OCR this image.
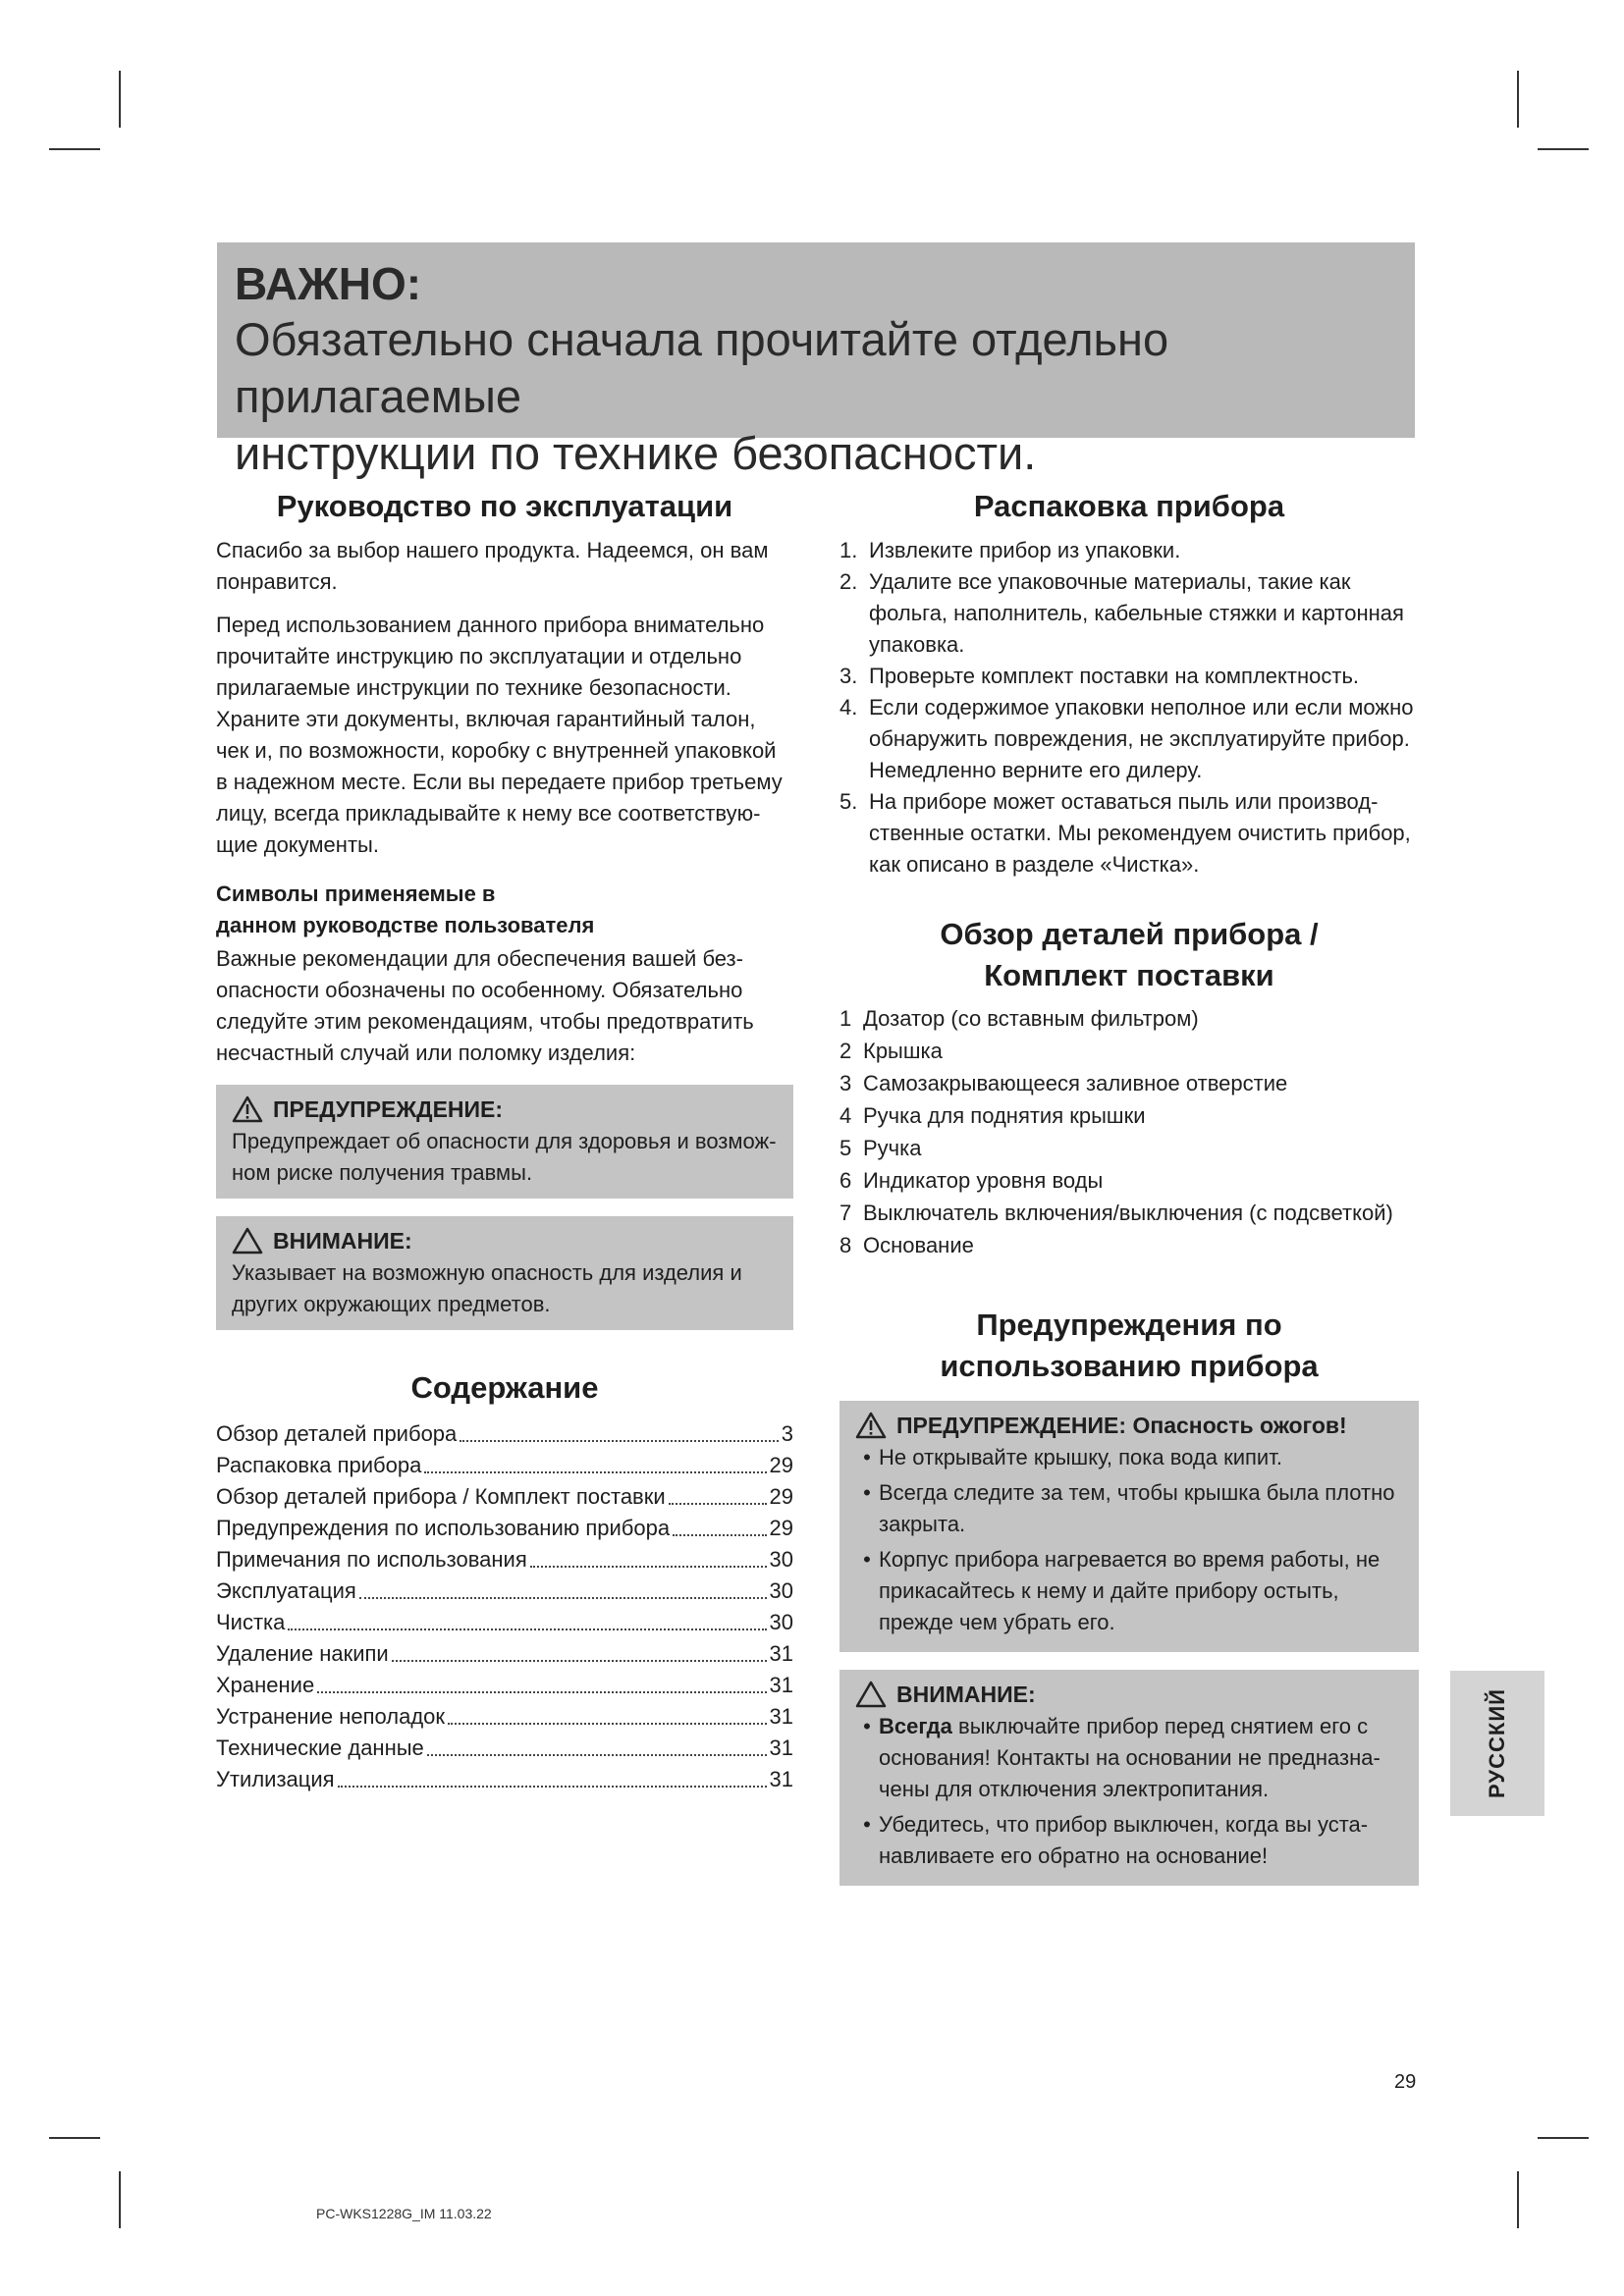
ВАЖНО:
Обязательно сначала прочитайте отдельно прилагаемые
инструкции по технике безопасности.
Руководство по эксплуатации

Спасибо за выбор нашего продукта. Надеемся, он вам понравится.

Перед использованием данного прибора внимательно прочитайте инструкцию по эксплуатации и отдельно прилагаемые инструкции по технике безопасности. Храните эти документы, включая гарантийный талон, чек и, по возможности, коробку с внутренней упаковкой в надежном месте. Если вы передаете прибор третьему лицу, всегда прикладывайте к нему все соответствую-щие документы.

Символы применяемые в
данном руководстве пользователя

Важные рекомендации для обеспечения вашей без-опасности обозначены по особенному. Обязательно следуйте этим рекомендациям, чтобы предотвратить несчастный случай или поломку изделия:

ПРЕДУПРЕЖДЕНИЕ:
Предупреждает об опасности для здоровья и возмож-ном риске получения травмы.
ВНИМАНИЕ:
Указывает на возможную опасность для изделия и других окружающих предметов.
Содержание
Обзор деталей прибора	3
Распаковка прибора	29
Обзор деталей прибора / Комплект поставки	29
Предупреждения по использованию прибора	29
Примечания по использования	30
Эксплуатация	30
Чистка	30
Удаление накипи	31
Хранение	31
Устранение неполадок	31
Технические данные	31
Утилизация	31
Распаковка прибора
1. Извлеките прибор из упаковки.
2. Удалите все упаковочные материалы, такие как фольга, наполнитель, кабельные стяжки и картонная упаковка.
3. Проверьте комплект поставки на комплектность.
4. Если содержимое упаковки неполное или если можно обнаружить повреждения, не эксплуатируйте прибор. Немедленно верните его дилеру.
5. На приборе может оставаться пыль или производ-ственные остатки. Мы рекомендуем очистить прибор, как описано в разделе «Чистка».
Обзор деталей прибора /
Комплект поставки
1 Дозатор (со вставным фильтром)
2 Крышка
3 Самозакрывающееся заливное отверстие
4 Ручка для поднятия крышки
5 Ручка
6 Индикатор уровня воды
7 Выключатель включения/выключения (с подсветкой)
8 Основание
Предупреждения по
использованию прибора
ПРЕДУПРЕЖДЕНИЕ: Опасность ожогов!
• Не открывайте крышку, пока вода кипит.
• Всегда следите за тем, чтобы крышка была плотно закрыта.
• Корпус прибора нагревается во время работы, не прикасайтесь к нему и дайте прибору остыть, прежде чем убрать его.
ВНИМАНИЕ:
• Всегда выключайте прибор перед снятием его с основания! Контакты на основании не предназна-чены для отключения электропитания.
• Убедитесь, что прибор выключен, когда вы уста-навливаете его обратно на основание!
РУССКИЙ
29
PC-WKS1228G_IM 11.03.22
